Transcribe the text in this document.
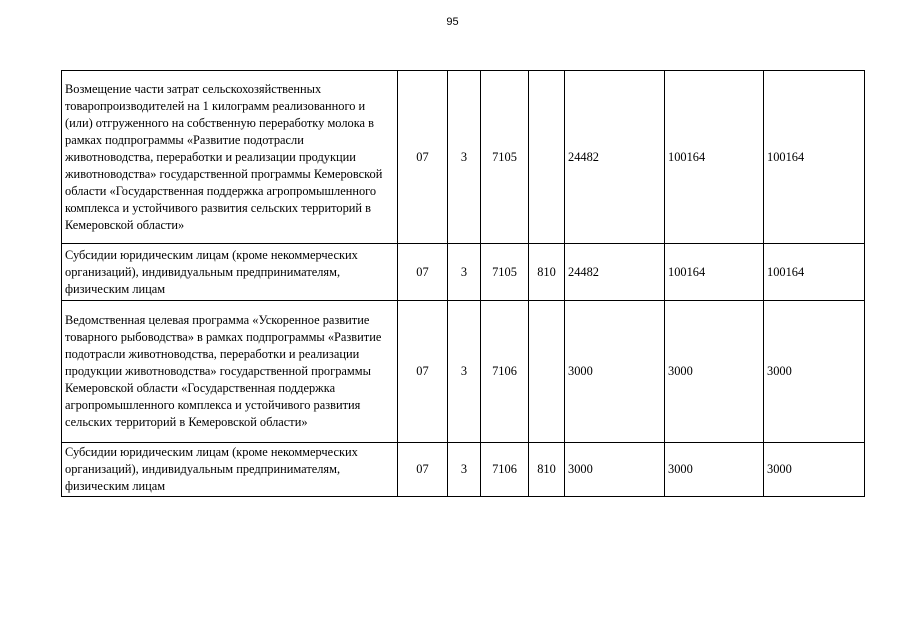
95
Возмещение части затрат сельскохозяйственных товаропроизводителей на 1 килограмм реализованного и (или) отгруженного на собственную переработку молока в рамках подпрограммы «Развитие подотрасли животноводства, переработки и реализации продукции животноводства» государственной программы Кемеровской области «Государственная поддержка агропромышленного комплекса и устойчивого развития сельских территорий в Кемеровской области»	07	3	7105		24482	100164	100164
Субсидии юридическим лицам (кроме некоммерческих организаций), индивидуальным предпринимателям, физическим лицам	07	3	7105	810	24482	100164	100164
Ведомственная целевая программа «Ускоренное развитие товарного рыбоводства» в рамках подпрограммы «Развитие подотрасли животноводства, переработки и реализации продукции животноводства» государственной программы Кемеровской области «Государственная поддержка агропромышленного комплекса и устойчивого развития сельских территорий в Кемеровской области»	07	3	7106		3000	3000	3000
Субсидии юридическим лицам (кроме некоммерческих организаций), индивидуальным предпринимателям, физическим лицам	07	3	7106	810	3000	3000	3000
